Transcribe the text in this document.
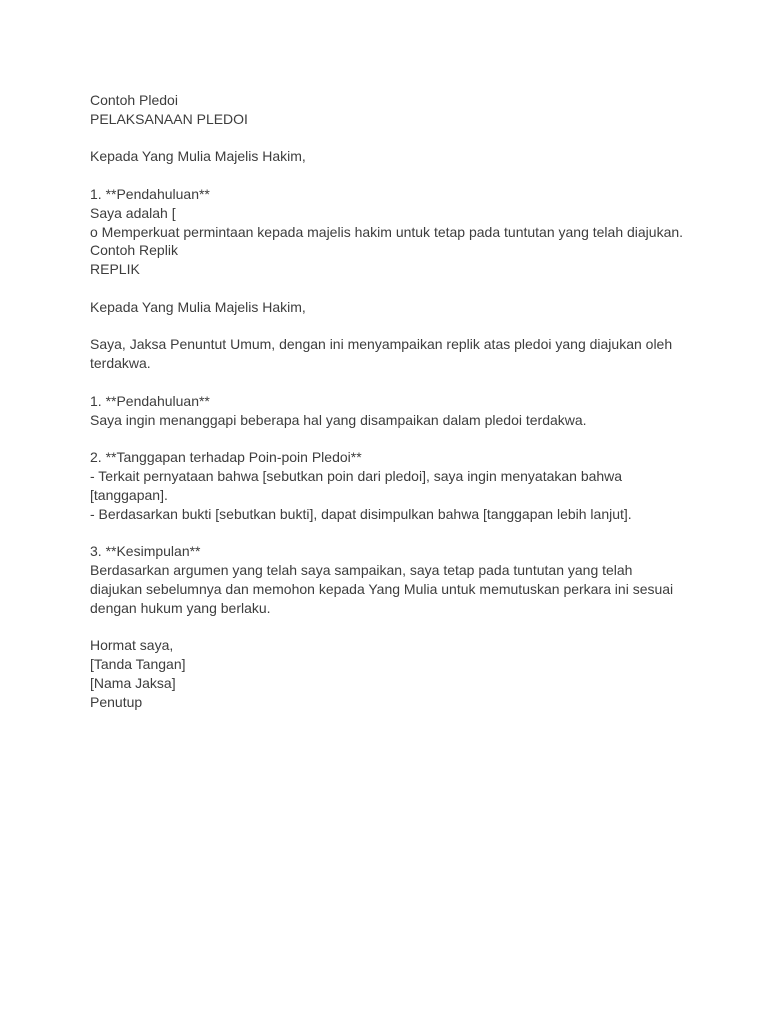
Contoh Pledoi
PELAKSANAAN PLEDOI
Kepada Yang Mulia Majelis Hakim,
1. **Pendahuluan**
Saya adalah [
o Memperkuat permintaan kepada majelis hakim untuk tetap pada tuntutan yang telah diajukan.
Contoh Replik
REPLIK
Kepada Yang Mulia Majelis Hakim,
Saya, Jaksa Penuntut Umum, dengan ini menyampaikan replik atas pledoi yang diajukan oleh
terdakwa.
1. **Pendahuluan**
Saya ingin menanggapi beberapa hal yang disampaikan dalam pledoi terdakwa.
2. **Tanggapan terhadap Poin-poin Pledoi**
- Terkait pernyataan bahwa [sebutkan poin dari pledoi], saya ingin menyatakan bahwa
[tanggapan].
- Berdasarkan bukti [sebutkan bukti], dapat disimpulkan bahwa [tanggapan lebih lanjut].
3. **Kesimpulan**
Berdasarkan argumen yang telah saya sampaikan, saya tetap pada tuntutan yang telah
diajukan sebelumnya dan memohon kepada Yang Mulia untuk memutuskan perkara ini sesuai
dengan hukum yang berlaku.
Hormat saya,
[Tanda Tangan]
[Nama Jaksa]
Penutup
